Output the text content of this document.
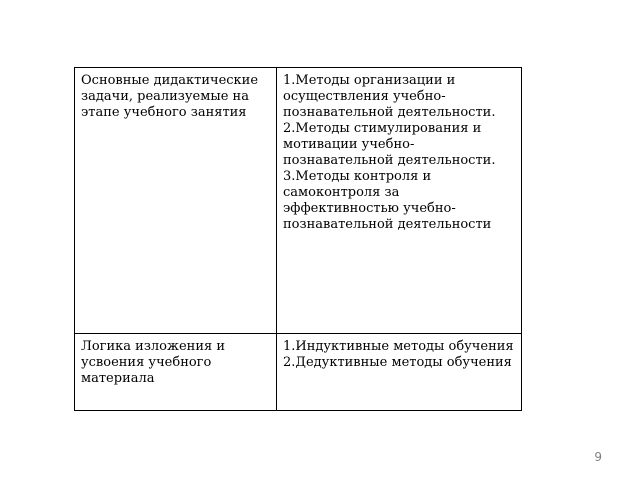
Основные дидактические задачи, реализуемые на   этапе учебного занятия	1.Методы организации и осуществления учебно-познавательной деятельности.
2.Методы стимулирования и мотивации учебно-познавательной деятельности.
3.Методы контроля и самоконтроля за эффективностью учебно-познавательной деятельности

Логика изложения и усвоения учебного материала	1.Индуктивные методы обучения
2.Дедуктивные методы обучения
9
